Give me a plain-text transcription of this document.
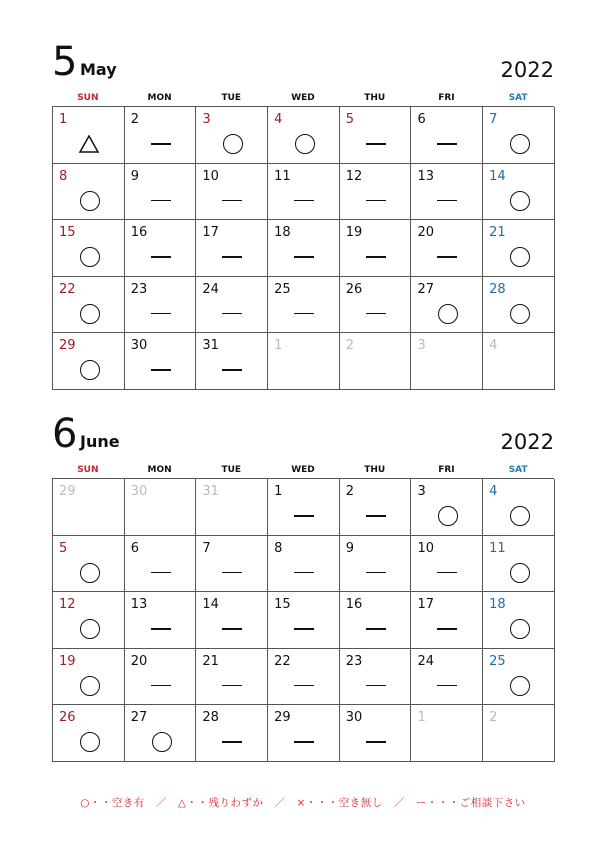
5 May	2022
SUN	MON	TUE	WED	THU	FRI	SAT
1	2	3	4	5	6	7
8	9	10	11	12	13	14
15	16	17	18	19	20	21
22	23	24	25	26	27	28
29	30	31	1	2	3	4
6 June	2022
SUN	MON	TUE	WED	THU	FRI	SAT
29	30	31	1	2	3	4
5	6	7	8	9	10	11
12	13	14	15	16	17	18
19	20	21	22	23	24	25
26	27	28	29	30	1	2
○・・空き有　／　△・・残りわずか　／　×・・・空き無し　／　ー・・・ご相談下さい
